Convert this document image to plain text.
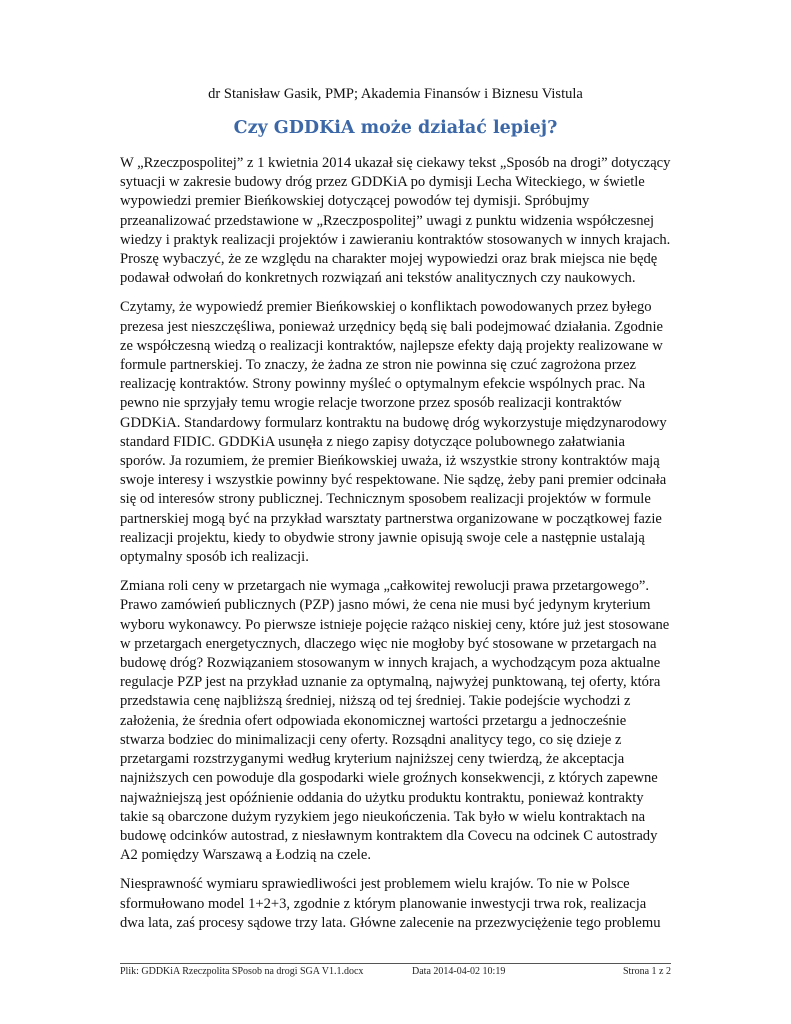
dr Stanisław Gasik, PMP; Akademia Finansów i Biznesu Vistula
Czy GDDKiA może działać lepiej?

W „Rzeczpospolitej” z 1 kwietnia 2014 ukazał się ciekawy tekst „Sposób na drogi” dotyczący
sytuacji w zakresie budowy dróg przez GDDKiA po dymisji Lecha Witeckiego, w świetle
wypowiedzi premier Bieńkowskiej dotyczącej powodów tej dymisji. Spróbujmy
przeanalizować przedstawione w „Rzeczpospolitej” uwagi z punktu widzenia współczesnej
wiedzy i praktyk realizacji projektów i zawieraniu kontraktów stosowanych w innych krajach.
Proszę wybaczyć, że ze względu na charakter mojej wypowiedzi oraz brak miejsca nie będę
podawał odwołań do konkretnych rozwiązań ani tekstów analitycznych czy naukowych.

Czytamy, że wypowiedź premier Bieńkowskiej o konfliktach powodowanych przez byłego
prezesa jest nieszczęśliwa, ponieważ urzędnicy będą się bali podejmować działania. Zgodnie
ze współczesną wiedzą o realizacji kontraktów, najlepsze efekty dają projekty realizowane w
formule partnerskiej. To znaczy, że żadna ze stron nie powinna się czuć zagrożona przez
realizację kontraktów. Strony powinny myśleć o optymalnym efekcie wspólnych prac. Na
pewno nie sprzyjały temu wrogie relacje tworzone przez sposób realizacji kontraktów
GDDKiA. Standardowy formularz kontraktu na budowę dróg wykorzystuje międzynarodowy
standard FIDIC. GDDKiA usunęła z niego zapisy dotyczące polubownego załatwiania
sporów. Ja rozumiem, że premier Bieńkowskiej uważa, iż wszystkie strony kontraktów mają
swoje interesy i wszystkie powinny być respektowane. Nie sądzę, żeby pani premier odcinała
się od interesów strony publicznej. Technicznym sposobem realizacji projektów w formule
partnerskiej mogą być na przykład warsztaty partnerstwa organizowane w początkowej fazie
realizacji projektu, kiedy to obydwie strony jawnie opisują swoje cele a następnie ustalają
optymalny sposób ich realizacji.

Zmiana roli ceny w przetargach nie wymaga „całkowitej rewolucji prawa przetargowego”.
Prawo zamówień publicznych (PZP) jasno mówi, że cena nie musi być jedynym kryterium
wyboru wykonawcy. Po pierwsze istnieje pojęcie rażąco niskiej ceny, które już jest stosowane
w przetargach energetycznych, dlaczego więc nie mogłoby być stosowane w przetargach na
budowę dróg? Rozwiązaniem stosowanym w innych krajach, a wychodzącym poza aktualne
regulacje PZP jest na przykład uznanie za optymalną, najwyżej punktowaną, tej oferty, która
przedstawia cenę najbliższą średniej, niższą od tej średniej. Takie podejście wychodzi z
założenia, że średnia ofert odpowiada ekonomicznej wartości przetargu a jednocześnie
stwarza bodziec do minimalizacji ceny oferty. Rozsądni analitycy tego, co się dzieje z
przetargami rozstrzyganymi według kryterium najniższej ceny twierdzą, że akceptacja
najniższych cen powoduje dla gospodarki wiele groźnych konsekwencji, z których zapewne
najważniejszą jest opóźnienie oddania do użytku produktu kontraktu, ponieważ kontrakty
takie są obarczone dużym ryzykiem jego nieukończenia. Tak było w wielu kontraktach na
budowę odcinków autostrad, z niesławnym kontraktem dla Covecu na odcinek C autostrady
A2 pomiędzy Warszawą a Łodzią na czele.

Niesprawność wymiaru sprawiedliwości jest problemem wielu krajów. To nie w Polsce
sformułowano model 1+2+3, zgodnie z którym planowanie inwestycji trwa rok, realizacja
dwa lata, zaś procesy sądowe trzy lata. Główne zalecenie na przezwyciężenie tego problemu

Plik: GDDKiA Rzeczpolita SPosob na drogi SGA V1.1.docx	Data 2014-04-02 10:19	Strona 1 z 2
